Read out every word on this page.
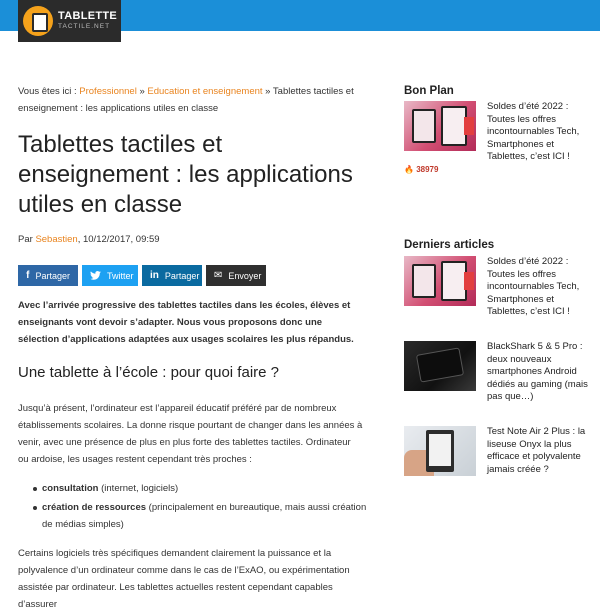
TABLETTE
TACTILE.NET
Vous êtes ici : Professionnel » Education et enseignement » Tablettes tactiles et enseignement : les applications utiles en classe
Tablettes tactiles et enseignement : les applications utiles en classe
Par Sebastien, 10/12/2017, 09:59
f Partager	Twitter in Partager ✉ Envoyer

Avec l’arrivée progressive des tablettes tactiles dans les écoles, élèves et enseignants vont devoir s’adapter. Nous vous proposons donc une sélection d’applications adaptées aux usages scolaires les plus répandus.

Une tablette à l’école : pour quoi faire ?

Jusqu’à présent, l’ordinateur est l’appareil éducatif préféré par de nombreux établissements scolaires. La donne risque pourtant de changer dans les années à venir, avec une présence de plus en plus forte des tablettes tactiles. Ordinateur ou ardoise, les usages restent cependant très proches :

consultation (internet, logiciels)
création de ressources (principalement en bureautique, mais aussi création de médias simples)

Certains logiciels très spécifiques demandent clairement la puissance et la polyvalence d’un ordinateur comme dans le cas de l’ExAO, ou expérimentation assistée par ordinateur. Les tablettes actuelles restent cependant capables d’assurer

Bon Plan
Soldes d’été 2022 : Toutes les offres incontournables Tech, Smartphones et Tablettes, c’est ICI !
🔥 38979
Derniers articles
Soldes d’été 2022 : Toutes les offres incontournables Tech, Smartphones et Tablettes, c’est ICI !
BlackShark 5 & 5 Pro : deux nouveaux smartphones Android dédiés au gaming (mais pas que…)
Test Note Air 2 Plus : la liseuse Onyx la plus efficace et polyvalente jamais créée ?
